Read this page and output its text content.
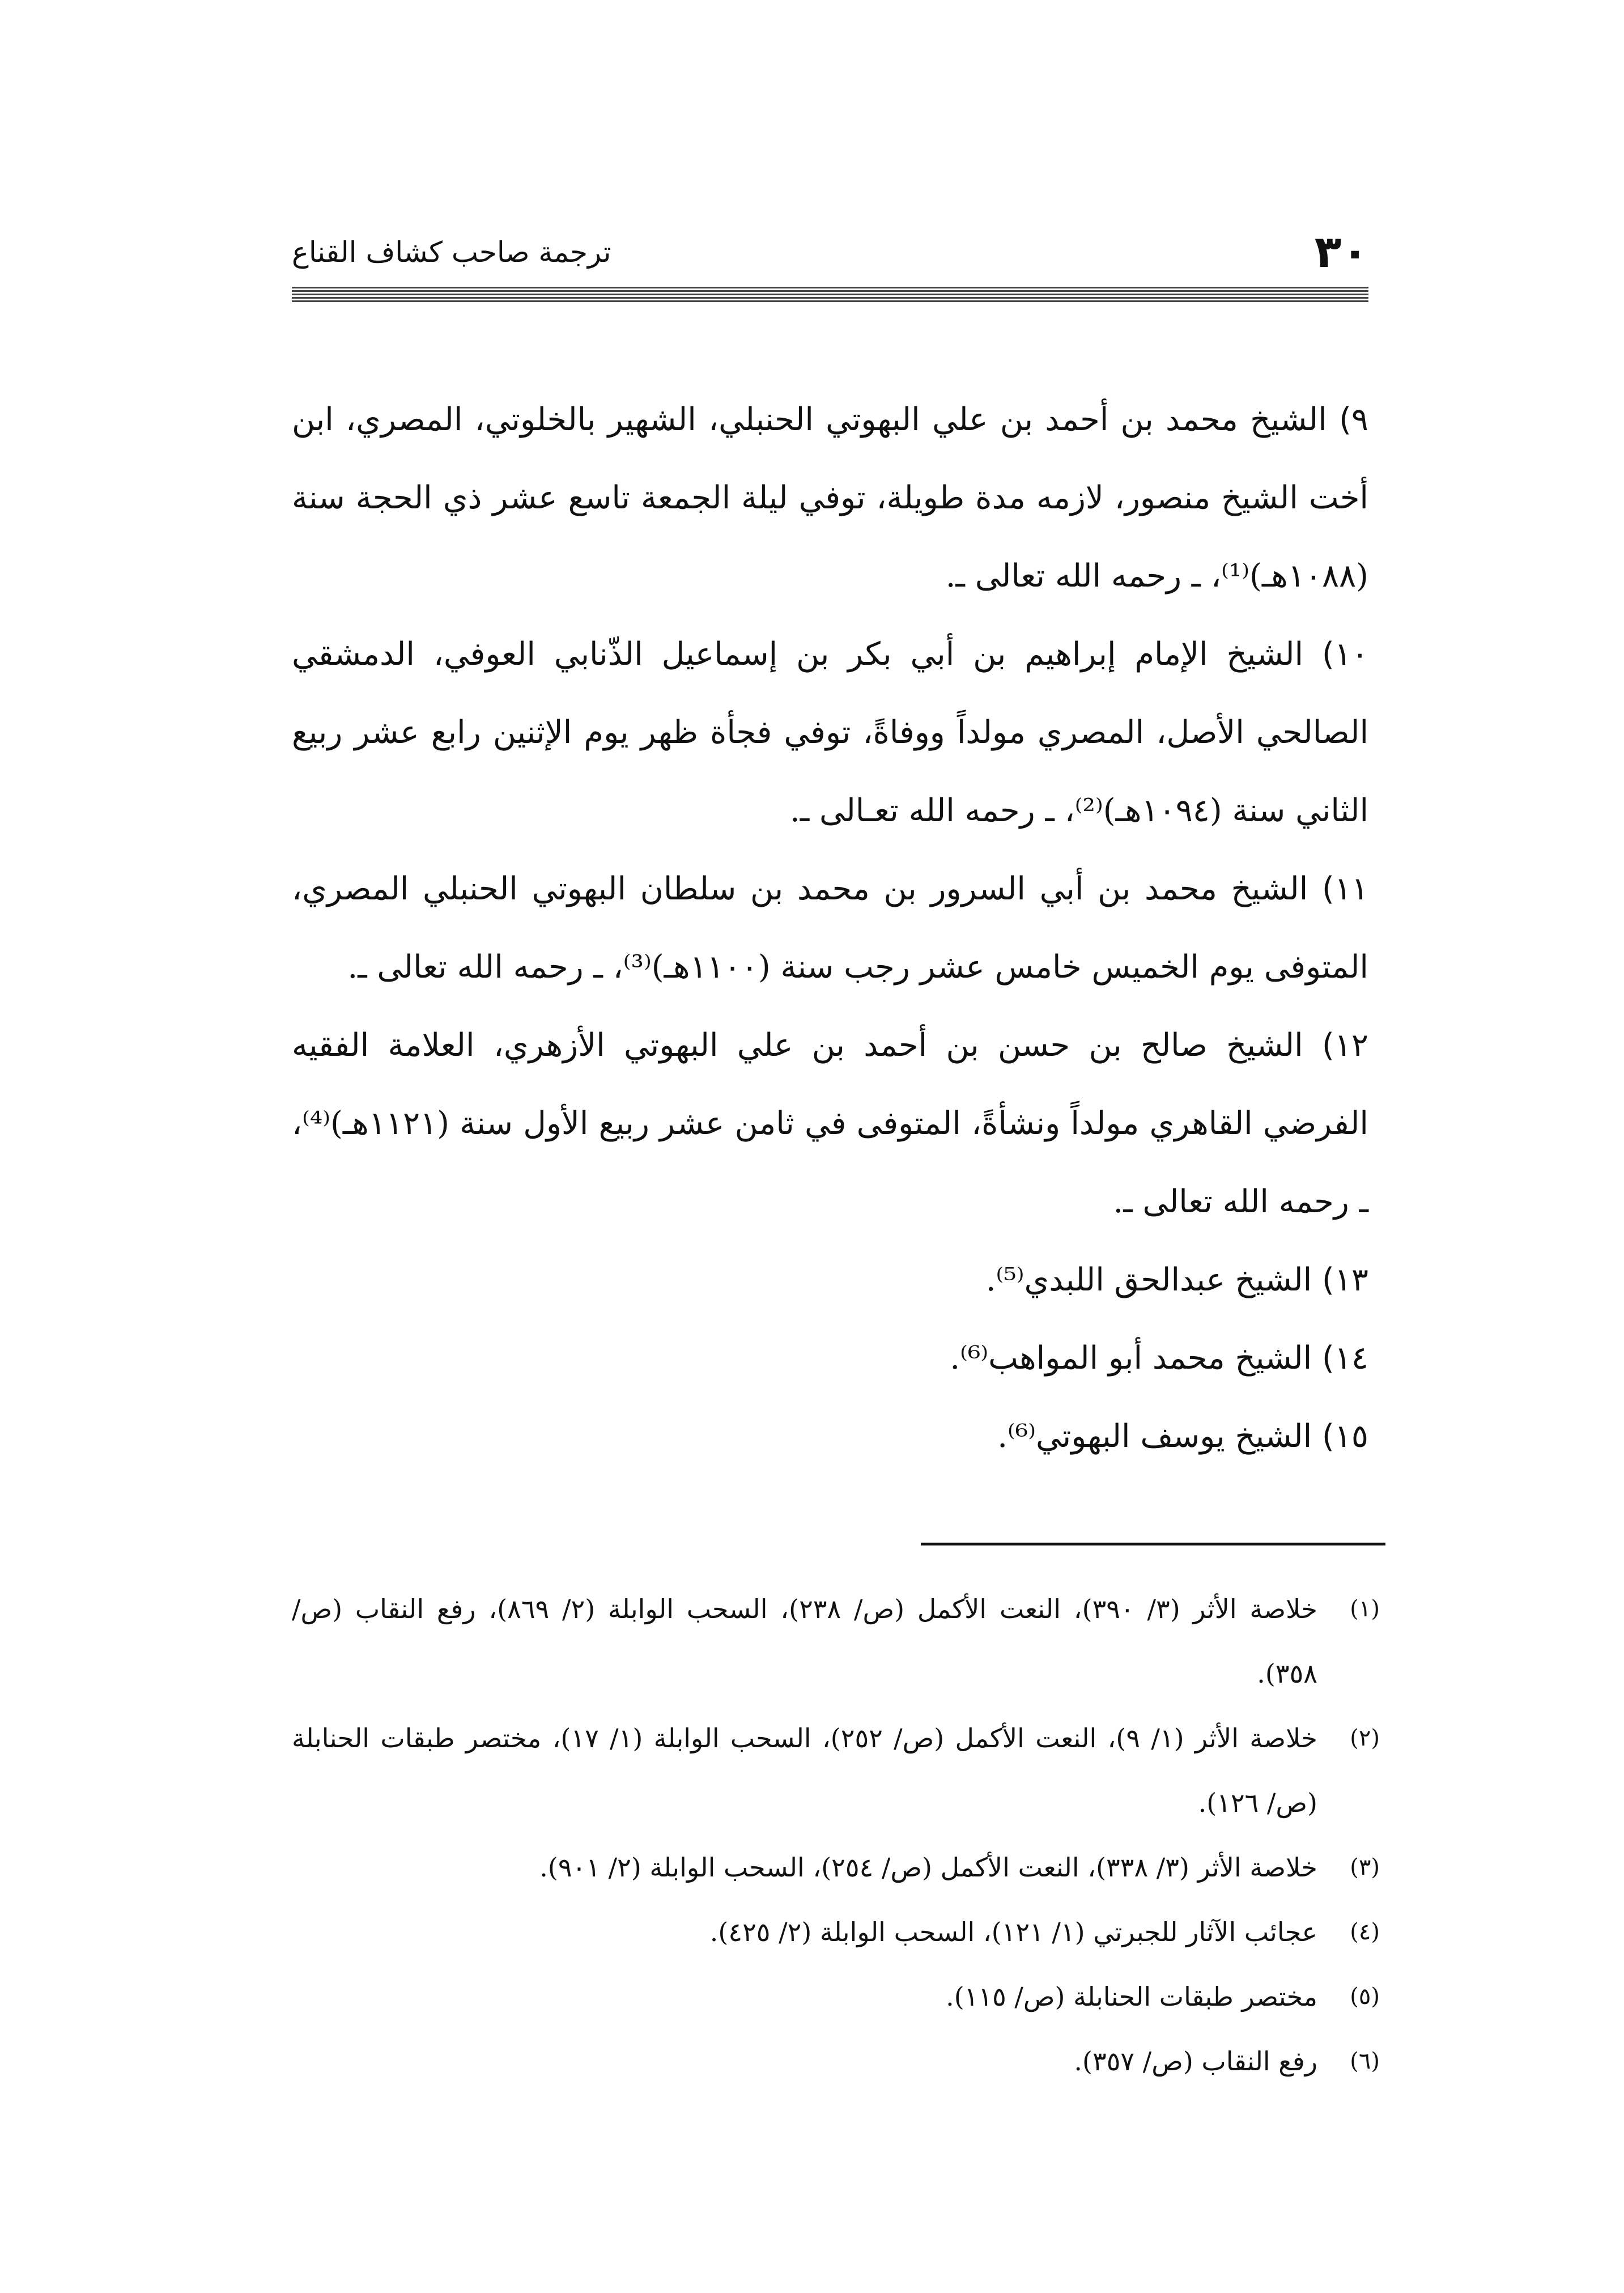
٣٠
ترجمة صاحب كشاف القناع

٩) الشيخ محمد بن أحمد بن علي البهوتي الحنبلي، الشهير بالخلوتي، المصري، ابن أخت الشيخ منصور، لازمه مدة طويلة، توفي ليلة الجمعة تاسع عشر ذي الحجة سنة (١٠٨٨هـ)⁽¹⁾، ـ رحمه الله تعالى ـ.

١٠) الشيخ الإمام إبراهيم بن أبي بكر بن إسماعيل الذّنابي العوفي، الدمشقي الصالحي الأصل، المصري مولداً ووفاةً، توفي فجأة ظهر يوم الإثنين رابع عشر ربيع الثاني سنة (١٠٩٤هـ)⁽²⁾، ـ رحمه الله تعـالى ـ.

١١) الشيخ محمد بن أبي السرور بن محمد بن سلطان البهوتي الحنبلي المصري، المتوفى يوم الخميس خامس عشر رجب سنة (١١٠٠هـ)⁽³⁾، ـ رحمه الله تعالى ـ.

١٢) الشيخ صالح بن حسن بن أحمد بن علي البهوتي الأزهري، العلامة الفقيه الفرضي القاهري مولداً ونشأةً، المتوفى في ثامن عشر ربيع الأول سنة (١١٢١هـ)⁽⁴⁾، ـ رحمه الله تعالى ـ.

١٣) الشيخ عبدالحق اللبدي⁽⁵⁾.

١٤) الشيخ محمد أبو المواهب⁽⁶⁾.

١٥) الشيخ يوسف البهوتي⁽⁶⁾.

(١)
خلاصة الأثر (٣/ ٣٩٠)، النعت الأكمل (ص/ ٢٣٨)، السحب الوابلة (٢/ ٨٦٩)، رفع النقاب (ص/ ٣٥٨).
(٢)
خلاصة الأثر (١/ ٩)، النعت الأكمل (ص/ ٢٥٢)، السحب الوابلة (١/ ١٧)، مختصر طبقات الحنابلة (ص/ ١٢٦).
(٣)
خلاصة الأثر (٣/ ٣٣٨)، النعت الأكمل (ص/ ٢٥٤)، السحب الوابلة (٢/ ٩٠١).
(٤)
عجائب الآثار للجبرتي (١/ ١٢١)، السحب الوابلة (٢/ ٤٢٥).
(٥)
مختصر طبقات الحنابلة (ص/ ١١٥).
(٦)
رفع النقاب (ص/ ٣٥٧).
